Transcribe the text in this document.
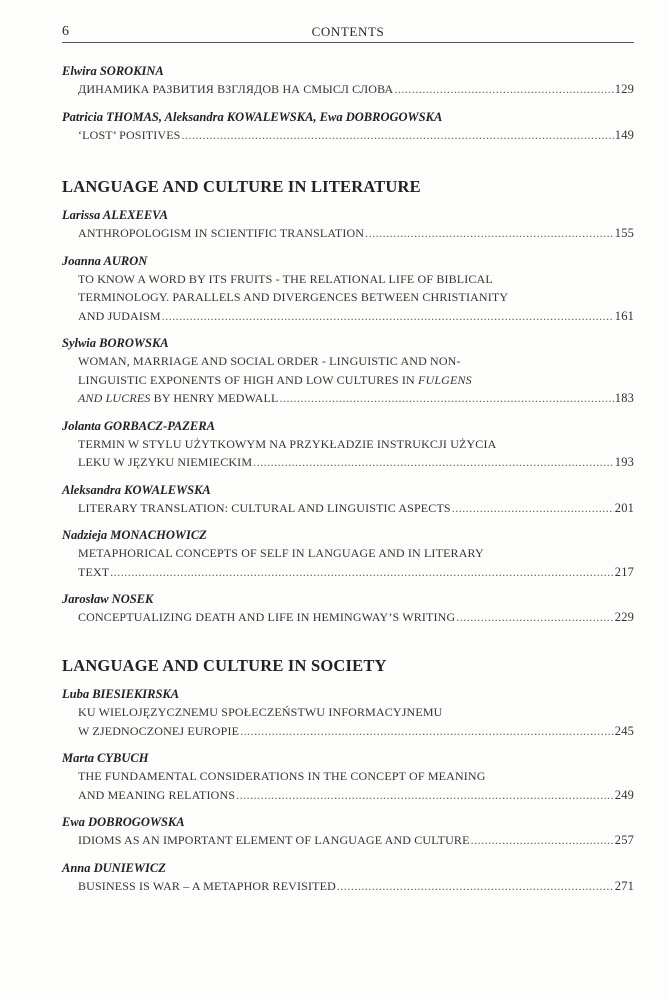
6	CONTENTS
Elwira SOROKINA
ДИНАМИКА РАЗВИТИЯ ВЗГЛЯДОВ НА СМЫСЛ СЛОВА .....	129
Patricia THOMAS, Aleksandra KOWALEWSKA, Ewa DOBROGOWSKA
‘LOST’ POSITIVES .....	149
LANGUAGE AND CULTURE IN LITERATURE
Larissa ALEXEEVA
ANTHROPOLOGISM IN SCIENTIFIC TRANSLATION .....	155
Joanna AURON
TO KNOW A WORD BY ITS FRUITS - THE RELATIONAL LIFE OF BIBLICAL
TERMINOLOGY. PARALLELS AND DIVERGENCES BETWEEN CHRISTIANITY
AND JUDAISM .....	161
Sylwia BOROWSKA
WOMAN, MARRIAGE AND SOCIAL ORDER - LINGUISTIC AND NON-
LINGUISTIC EXPONENTS OF HIGH AND LOW CULTURES IN FULGENS
AND LUCRES BY HENRY MEDWALL .....	183
Jolanta GORBACZ-PAZERA
TERMIN W STYLU UŻYTKOWYM NA PRZYKŁADZIE INSTRUKCJI UŻYCIA
LEKU W JĘZYKU NIEMIECKIM .....	193
Aleksandra KOWALEWSKA
LITERARY TRANSLATION: CULTURAL AND LINGUISTIC ASPECTS .....	201
Nadzieja MONACHOWICZ
METAPHORICAL CONCEPTS OF SELF IN LANGUAGE AND IN LITERARY
TEXT .....	217
Jarosław NOSEK
CONCEPTUALIZING DEATH AND LIFE IN HEMINGWAY’S WRITING .....	229
LANGUAGE AND CULTURE IN SOCIETY
Luba BIESIEKIRSKA
KU WIELOJĘZYCZNEMU SPOŁECZEŃSTWU INFORMACYJNEMU
W ZJEDNOCZONEJ EUROPIE .....	245
Marta CYBUCH
THE FUNDAMENTAL CONSIDERATIONS IN THE CONCEPT OF MEANING
AND MEANING RELATIONS .....	249
Ewa DOBROGOWSKA
IDIOMS AS AN IMPORTANT ELEMENT OF LANGUAGE AND CULTURE .....	257
Anna DUNIEWICZ
BUSINESS IS WAR – A METAPHOR REVISITED .....	271
